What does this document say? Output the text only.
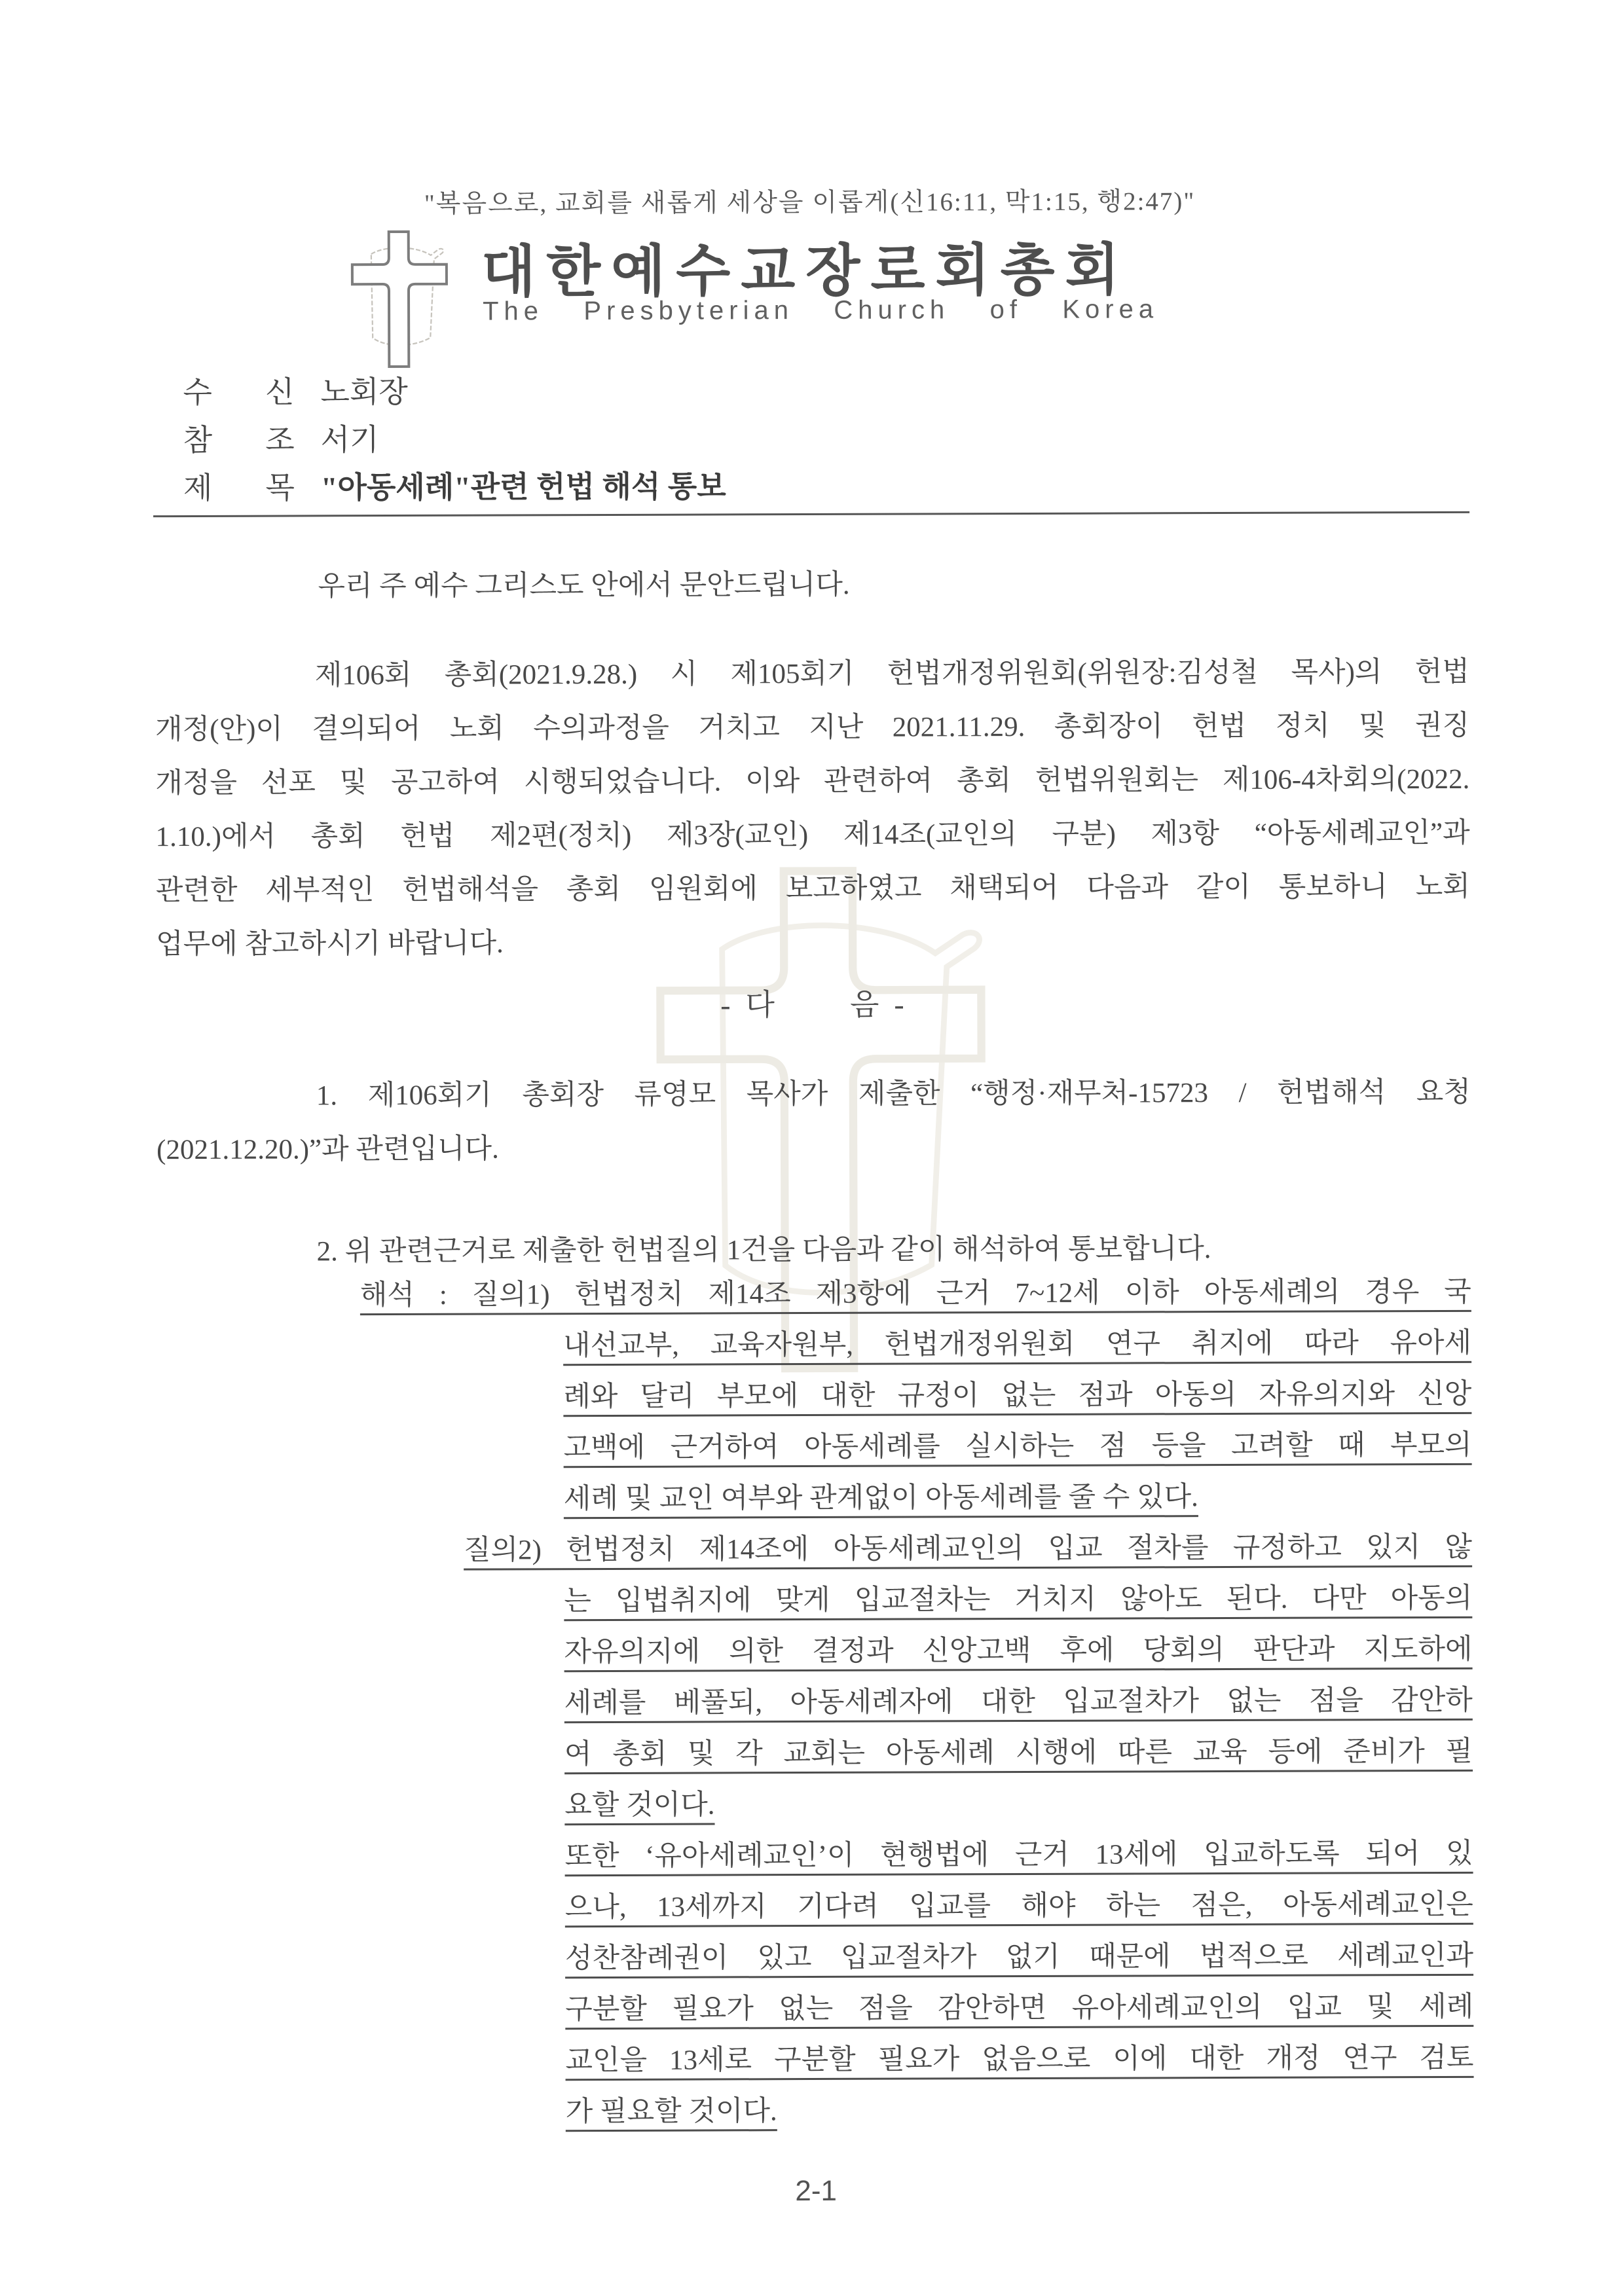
"복음으로, 교회를 새롭게 세상을 이롭게(신16:11, 막1:15, 행2:47)"
대한예수교장로회총회
The Presbyterian Church of Korea
수 신 노회장
참 조 서기
제 목 "아동세례"관련 헌법 해석 통보
우리 주 예수 그리스도 안에서 문안드립니다.
제106회 총회(2021.9.28.) 시 제105회기 헌법개정위원회(위원장:김성철 목사)의 헌법
개정(안)이 결의되어 노회 수의과정을 거치고 지난 2021.11.29. 총회장이 헌법 정치 및 권징
개정을 선포 및 공고하여 시행되었습니다. 이와 관련하여 총회 헌법위원회는 제106-4차회의(2022.
1.10.)에서 총회 헌법 제2편(정치) 제3장(교인) 제14조(교인의 구분) 제3항 “아동세례교인”과
관련한 세부적인 헌법해석을 총회 임원회에 보고하였고 채택되어 다음과 같이 통보하니 노회
업무에 참고하시기 바랍니다.
-  다          음  -
1. 제106회기 총회장 류영모 목사가 제출한 “행정·재무처-15723 / 헌법해석 요청
(2021.12.20.)”과 관련입니다.
2. 위 관련근거로 제출한 헌법질의 1건을 다음과 같이 해석하여 통보합니다.
해석 : 질의1) 헌법정치 제14조 제3항에 근거 7~12세 이하 아동세례의 경우 국
내선교부, 교육자원부, 헌법개정위원회 연구 취지에 따라 유아세
례와 달리 부모에 대한 규정이 없는 점과 아동의 자유의지와 신앙
고백에 근거하여 아동세례를 실시하는 점 등을 고려할 때 부모의
세례 및 교인 여부와 관계없이 아동세례를 줄 수 있다.
질의2) 헌법정치 제14조에 아동세례교인의 입교 절차를 규정하고 있지 않
는 입법취지에 맞게 입교절차는 거치지 않아도 된다. 다만 아동의
자유의지에 의한 결정과 신앙고백 후에 당회의 판단과 지도하에
세례를 베풀되, 아동세례자에 대한 입교절차가 없는 점을 감안하
여 총회 및 각 교회는 아동세례 시행에 따른 교육 등에 준비가 필
요할 것이다.
또한 ‘유아세례교인’이 현행법에 근거 13세에 입교하도록 되어 있
으나, 13세까지 기다려 입교를 해야 하는 점은, 아동세례교인은
성찬참례권이 있고 입교절차가 없기 때문에 법적으로 세례교인과
구분할 필요가 없는 점을 감안하면 유아세례교인의 입교 및 세례
교인을 13세로 구분할 필요가 없음으로 이에 대한 개정 연구 검토
가 필요할 것이다.
2-1
